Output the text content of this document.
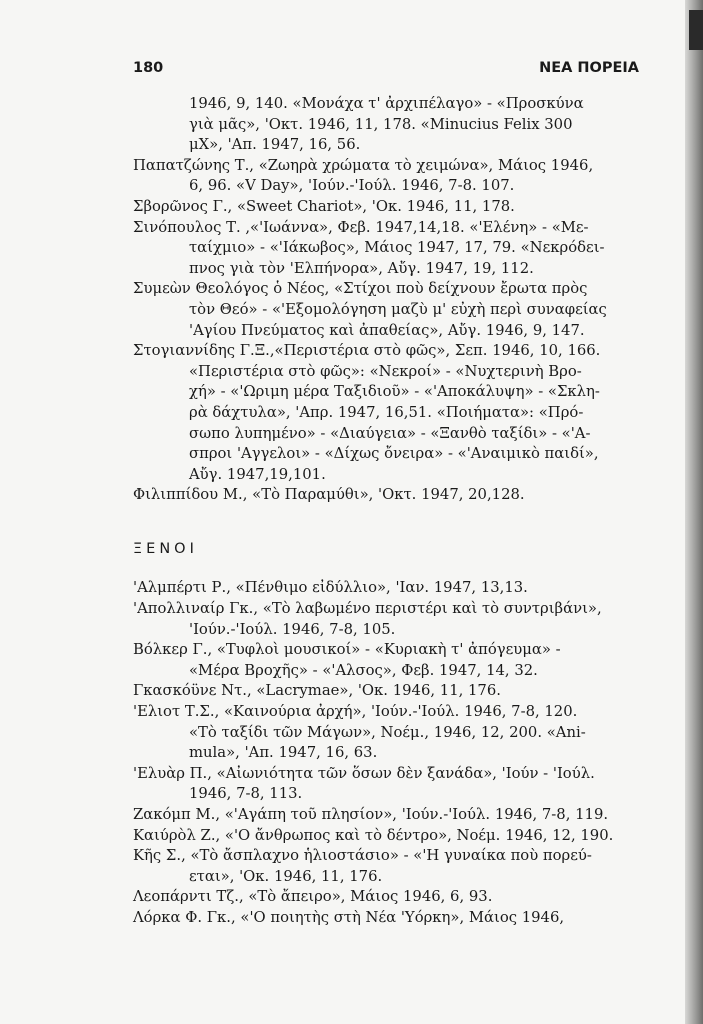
180	ΝΕΑ ΠΟΡΕΙΑ
1946, 9, 140. «Μονάχα τ' ἀρχιπέλαγο» - «Προσκύνα
γιὰ μᾶς», 'Οκτ. 1946, 11, 178. «Minucius Felix 300
μΧ», 'Απ. 1947, 16, 56.
Παπατζώνης Τ., «Ζωηρὰ χρώματα τὸ χειμώνα», Μάιος 1946,
6, 96. «V Day», 'Ιούν.-'Ιούλ. 1946, 7-8. 107.
Σβορῶνος Γ., «Sweet Chariot», 'Οκ. 1946, 11, 178.
Σινόπουλος Τ. ,«'Ιωάννα», Φεβ. 1947,14,18. «'Ελένη» - «Με-
ταίχμιο» - «'Ιάκωβος», Μάιος 1947, 17, 79. «Νεκρόδει-
πνος γιὰ τὸν 'Ελπήνορα», Αὔγ. 1947, 19, 112.
Συμεὼν Θεολόγος ὁ Νέος, «Στίχοι ποὺ δείχνουν ἔρωτα πρὸς
τὸν Θεό» - «'Εξομολόγηση μαζὺ μ' εὐχὴ περὶ συναφείας
'Αγίου Πνεύματος καὶ ἀπαθείας», Αὔγ. 1946, 9, 147.
Στογιαννίδης Γ.Ξ.,«Περιστέρια στὸ φῶς», Σεπ. 1946, 10, 166.
«Περιστέρια στὸ φῶς»: «Νεκροί» - «Νυχτερινὴ Βρο-
χή» - «'Ωριμη μέρα Ταξιδιοῦ» - «'Αποκάλυψη» - «Σκλη-
ρὰ δάχτυλα», 'Απρ. 1947, 16,51. «Ποιήματα»: «Πρό-
σωπο λυπημένο» - «Διαύγεια» - «Ξανθὸ ταξίδι» - «'Α-
σπροι 'Αγγελοι» - «Δίχως ὄνειρα» - «'Αναιμικὸ παιδί»,
Αὔγ. 1947,19,101.
Φιλιππίδου Μ., «Τὸ Παραμύθι», 'Οκτ. 1947, 20,128.
ΞΕΝΟΙ
'Αλμπέρτι Ρ., «Πένθιμο εἰδύλλιο», 'Ιαν. 1947, 13,13.
'Απολλιναίρ Γκ., «Τὸ λαβωμένο περιστέρι καὶ τὸ συντριβάνι»,
'Ιούν.-'Ιούλ. 1946, 7-8, 105.
Βόλκερ Γ., «Τυφλοὶ μουσικοί» - «Κυριακὴ τ' ἀπόγευμα» -
«Μέρα Βροχῆς» - «'Αλσος», Φεβ. 1947, 14, 32.
Γκασκόϋνε Ντ., «Lacrymae», 'Οκ. 1946, 11, 176.
'Ελιοτ Τ.Σ., «Καινούρια ἀρχή», 'Ιούν.-'Ιούλ. 1946, 7-8, 120.
«Τὸ ταξίδι τῶν Μάγων», Νοέμ., 1946, 12, 200. «Ani-
mula», 'Απ. 1947, 16, 63.
'Ελυὰρ Π., «Αἰωνιότητα τῶν ὅσων δὲν ξανάδα», 'Ιούν - 'Ιούλ.
1946, 7-8, 113.
Ζακόμπ Μ., «'Αγάπη τοῦ πλησίον», 'Ιούν.-'Ιούλ. 1946, 7-8, 119.
Καιύρὸλ Ζ., «'Ο ἄνθρωπος καὶ τὸ δέντρο», Νοέμ. 1946, 12, 190.
Κῆς Σ., «Τὸ ἄσπλαχνο ἡλιοστάσιο» - «'Η γυναίκα ποὺ πορεύ-
εται», 'Οκ. 1946, 11, 176.
Λεοπάρντι Τζ., «Τὸ ἄπειρο», Μάιος 1946, 6, 93.
Λόρκα Φ. Γκ., «'Ο ποιητὴς στὴ Νέα 'Υόρκη», Μάιος 1946,
